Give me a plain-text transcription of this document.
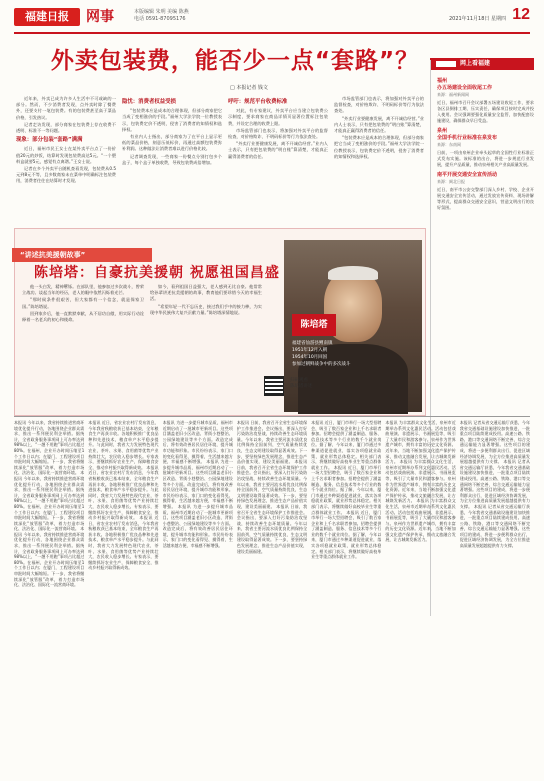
福建日报	网事	本版编辑 朱明 美编 陈燕
电话 0591-87095176	2021年11月18日 星期四 12
外卖包装费，能否少一点“套路”？
□ 本报记者 钱文

近年来，外卖已成为许多人生活中不可或缺的一部分。然而，不少消费者发现，点外卖时除了餐费外，还要支付一笔包装费。有的包装费甚至高于菜品价格，引发热议。

记者走访发现，部分商家在包装费上存在收费不透明、标准不一等问题。

现象：部分包装“套路”满满

近日，福州市民王女士在某外卖平台点了一份价值20元的炒饭，结算时发现包装费高达5元。“一个塑料盒就要5元，感觉有点离谱。”王女士说。

记者在多个外卖平台随机查看发现，包装费从0.5元到8元不等，且多数商家未在菜单中明确标注包装费用，消费者往往在结算时才发现。

隐忧：消费者权益受损

“包装费本应是成本的合理体现，但部分商家把它当成了变相涨价的手段。”福州大学法学院一位教授表示，包装费定价不透明，侵害了消费者的知情权和选择权。

有业内人士指出，部分商家为了在平台上显示更低的菜品价格，刻意压低标价，再通过高额包装费弥补利润。这种做法让消费者难以进行价格比较。

记者调查发现，一些商家一份餐点分别打包多个盒子，每个盒子单独收费，导致包装费成倍增加。

呼吁：规范平台收费标准

对此，有专家建议，外卖平台应当建立包装费公示制度，要求商家在商品详情页显著位置标注包装费，并设定合理的收费上限。

市场监管部门也表示，将加强对外卖平台的监督检查，对价格欺诈、不明码标价等行为依法查处。

“外卖行业要健康发展，离不开诚信经营。”业内人士表示，只有把包装费的“明白账”算清楚，才能真正赢得消费者的信任。

市场监管部门也表示，将加强对外卖平台的监督检查，对价格欺诈、不明码标价等行为依法查处。

“外卖行业要健康发展，离不开诚信经营。”业内人士表示，只有把包装费的“明白账”算清楚，才能真正赢得消费者的信任。

“包装费本应是成本的合理体现，但部分商家把它当成了变相涨价的手段。”福州大学法学院一位教授表示，包装费定价不透明，侵害了消费者的知情权和选择权。

网上看福建
福州
办五场建设全面收尾工作
来源：福州新闻网
近日，福州市召开会议部署五场建设收尾工作，要求各区县倒排工期、压实责任，确保项目按时完成并投入使用。会议强调要强化质量安全监管，加快配套设施建设，确保群众早日受益。
泉州
全国手机行业标准在泉发布
来源：东南网
日前，一项由泉州企业牵头起草的全国性行业标准正式发布实施。该标准的出台，将进一步规范行业发展，提升产品质量，推动泉州相关产业高质量发展。
南平开展交通安全宣传活动
来源：闽北日报
近日，南平市公安交警部门深入乡村、学校、企业开展交通安全宣传活动，通过发放宣传资料、现场讲解等形式，提高群众交通安全意识，营造文明出行的良好氛围。
“讲述抗美援朝故事”
陈培塔：自豪抗美援朝 祝愿祖国昌盛

他一头白发，精神矍铄。在部队里，他参加过多次战斗，曾荣立战功。谈起当年的经历，老人的眼中依然闪烁着光芒。

“那时候条件很艰苦，但大家都有一个信念，就是保家卫国。”陈培塔说。

回到家乡后，他一直默默奉献，从不居功自傲，用实际行动诠释着一名老兵的初心和使命。

如今，看到祖国日益强大，老人感到无比自豪。他常常给孙辈讲述抗美援朝的故事，教育他们要珍惜今天的幸福生活。

“希望年轻一代不忘历史，接过我们手中的接力棒，为实现中华民族伟大复兴贡献力量。”陈培塔深情地说。

陈培塔
福建省仙游县鲤南镇
1951年12月入朝
1954年10月回国
参加过朝鲜战争中的多次战斗
扫码观看
陈培塔讲述
本报讯 今年以来，我省持续推进营商环境优化提升行动，各地围绕企业群众需求，推出一系列便民利企举措。据统计，全省政务服务事项网上可办率达到98%以上，“一趟不用跑”事项占比超过80%。在福州，企业开办时间压缩至1个工作日以内；在厦门，工程建设项目审批时间大幅缩短。下一步，我省将继续深化“放管服”改革，着力打造市场化、法治化、国际化一流营商环境。 本报讯 今年以来，我省持续推进营商环境优化提升行动，各地围绕企业群众需求，推出一系列便民利企举措。据统计，全省政务服务事项网上可办率达到98%以上，“一趟不用跑”事项占比超过80%。在福州，企业开办时间压缩至1个工作日以内；在厦门，工程建设项目审批时间大幅缩短。下一步，我省将继续深化“放管服”改革，着力打造市场化、法治化、国际化一流营商环境。 本报讯 今年以来，我省持续推进营商环境优化提升行动，各地围绕企业群众需求，推出一系列便民利企举措。据统计，全省政务服务事项网上可办率达到98%以上，“一趟不用跑”事项占比超过80%。在福州，企业开办时间压缩至1个工作日以内；在厦门，工程建设项目审批时间大幅缩短。下一步，我省将继续深化“放管服”改革，着力打造市场化、法治化、国际化一流营商环境。
本报讯 近日，省农业农村厅发布消息，今年我省秋粮收获已基本结束，全年粮食生产再获丰收。各地积极推广优良品种和先进技术，粮食单产水平稳步提升。与此同时，我省大力发展特色现代农业，茶叶、水果、食用菌等优势产业持续壮大，农民收入稳步增长。专家表示，要继续抓好农业生产，保障粮食安全，推动乡村振兴取得新成效。 本报讯 近日，省农业农村厅发布消息，今年我省秋粮收获已基本结束，全年粮食生产再获丰收。各地积极推广优良品种和先进技术，粮食单产水平稳步提升。与此同时，我省大力发展特色现代农业，茶叶、水果、食用菌等优势产业持续壮大，农民收入稳步增长。专家表示，要继续抓好农业生产，保障粮食安全，推动乡村振兴取得新成效。 本报讯 近日，省农业农村厅发布消息，今年我省秋粮收获已基本结束，全年粮食生产再获丰收。各地积极推广优良品种和先进技术，粮食单产水平稳步提升。与此同时，我省大力发展特色现代农业，茶叶、水果、食用菌等优势产业持续壮大，农民收入稳步增长。专家表示，要继续抓好农业生产，保障粮食安全，推动乡村振兴取得新成效。
本报讯 为进一步提升城市品质，福州市近期启动了一批城市更新项目。这些项目涵盖老旧小区改造、背街小巷整治、公园绿地建设等多个方面。改造完成后，将有效改善居民居住环境，提升城市功能和形象。市民纷纷表示，家门口的变化看得见、摸得着，生活越来越方便，幸福感不断增强。 本报讯 为进一步提升城市品质，福州市近期启动了一批城市更新项目。这些项目涵盖老旧小区改造、背街小巷整治、公园绿地建设等多个方面。改造完成后，将有效改善居民居住环境，提升城市功能和形象。市民纷纷表示，家门口的变化看得见、摸得着，生活越来越方便，幸福感不断增强。 本报讯 为进一步提升城市品质，福州市近期启动了一批城市更新项目。这些项目涵盖老旧小区改造、背街小巷整治、公园绿地建设等多个方面。改造完成后，将有效改善居民居住环境，提升城市功能和形象。市民纷纷表示，家门口的变化看得见、摸得着，生活越来越方便，幸福感不断增强。
本报讯 日前，我省召开全省生态环境保护工作推进会。会议指出，要深入打好污染防治攻坚战，持续改善生态环境质量。今年以来，我省主要河流水质优良比例保持全国前列，空气质量持续优良，生态文明建设取得显著成效。下一步，要坚持绿色发展理念，推进生态产品价值实现，建设美丽福建。 本报讯 日前，我省召开全省生态环境保护工作推进会。会议指出，要深入打好污染防治攻坚战，持续改善生态环境质量。今年以来，我省主要河流水质优良比例保持全国前列，空气质量持续优良，生态文明建设取得显著成效。下一步，要坚持绿色发展理念，推进生态产品价值实现，建设美丽福建。 本报讯 日前，我省召开全省生态环境保护工作推进会。会议指出，要深入打好污染防治攻坚战，持续改善生态环境质量。今年以来，我省主要河流水质优良比例保持全国前列，空气质量持续优良，生态文明建设取得显著成效。下一步，要坚持绿色发展理念，推进生态产品价值实现，建设美丽福建。
本报讯 近日，厦门市举行一场大型招聘会，吸引了数百家企业和上千名求职者参加。招聘会提供了涵盖制造、服务、信息技术等多个行业的数千个就业岗位。据了解，今年以来，厦门市通过多种渠道促进就业，落实各项稳就业政策，就业形势总体稳定。相关部门表示，将继续做好高校毕业生等重点群体就业工作。 本报讯 近日，厦门市举行一场大型招聘会，吸引了数百家企业和上千名求职者参加。招聘会提供了涵盖制造、服务、信息技术等多个行业的数千个就业岗位。据了解，今年以来，厦门市通过多种渠道促进就业，落实各项稳就业政策，就业形势总体稳定。相关部门表示，将继续做好高校毕业生等重点群体就业工作。 本报讯 近日，厦门市举行一场大型招聘会，吸引了数百家企业和上千名求职者参加。招聘会提供了涵盖制造、服务、信息技术等多个行业的数千个就业岗位。据了解，今年以来，厦门市通过多种渠道促进就业，落实各项稳就业政策，就业形势总体稳定。相关部门表示，将继续做好高校毕业生等重点群体就业工作。
本报讯 为丰富群众文化生活，泉州市近期举办系列文化惠民活动。活动包括戏曲展演、非遗展示、书画展览等，吸引了大量市民和游客参与。泉州作为世界遗产城市，拥有丰富的历史文化资源。近年来，当地不断加强文化遗产保护传承，推动文旅融合发展，让古城焕发新活力。 本报讯 为丰富群众文化生活，泉州市近期举办系列文化惠民活动。活动包括戏曲展演、非遗展示、书画展览等，吸引了大量市民和游客参与。泉州作为世界遗产城市，拥有丰富的历史文化资源。近年来，当地不断加强文化遗产保护传承，推动文旅融合发展，让古城焕发新活力。 本报讯 为丰富群众文化生活，泉州市近期举办系列文化惠民活动。活动包括戏曲展演、非遗展示、书画展览等，吸引了大量市民和游客参与。泉州作为世界遗产城市，拥有丰富的历史文化资源。近年来，当地不断加强文化遗产保护传承，推动文旅融合发展，让古城焕发新活力。
本报讯 记者从省交通运输厅获悉，今年我省交通基础设施建设加快推进，一批重点项目陆续建成投用。高速公路、铁路、港口等交通网络不断完善，综合交通运输能力显著增强。这些项目的建成，将进一步便利群众出行，促进区域经济协调发展，为全方位推进高质量发展超越提供有力支撑。 本报讯 记者从省交通运输厅获悉，今年我省交通基础设施建设加快推进，一批重点项目陆续建成投用。高速公路、铁路、港口等交通网络不断完善，综合交通运输能力显著增强。这些项目的建成，将进一步便利群众出行，促进区域经济协调发展，为全方位推进高质量发展超越提供有力支撑。 本报讯 记者从省交通运输厅获悉，今年我省交通基础设施建设加快推进，一批重点项目陆续建成投用。高速公路、铁路、港口等交通网络不断完善，综合交通运输能力显著增强。这些项目的建成，将进一步便利群众出行，促进区域经济协调发展，为全方位推进高质量发展超越提供有力支撑。
